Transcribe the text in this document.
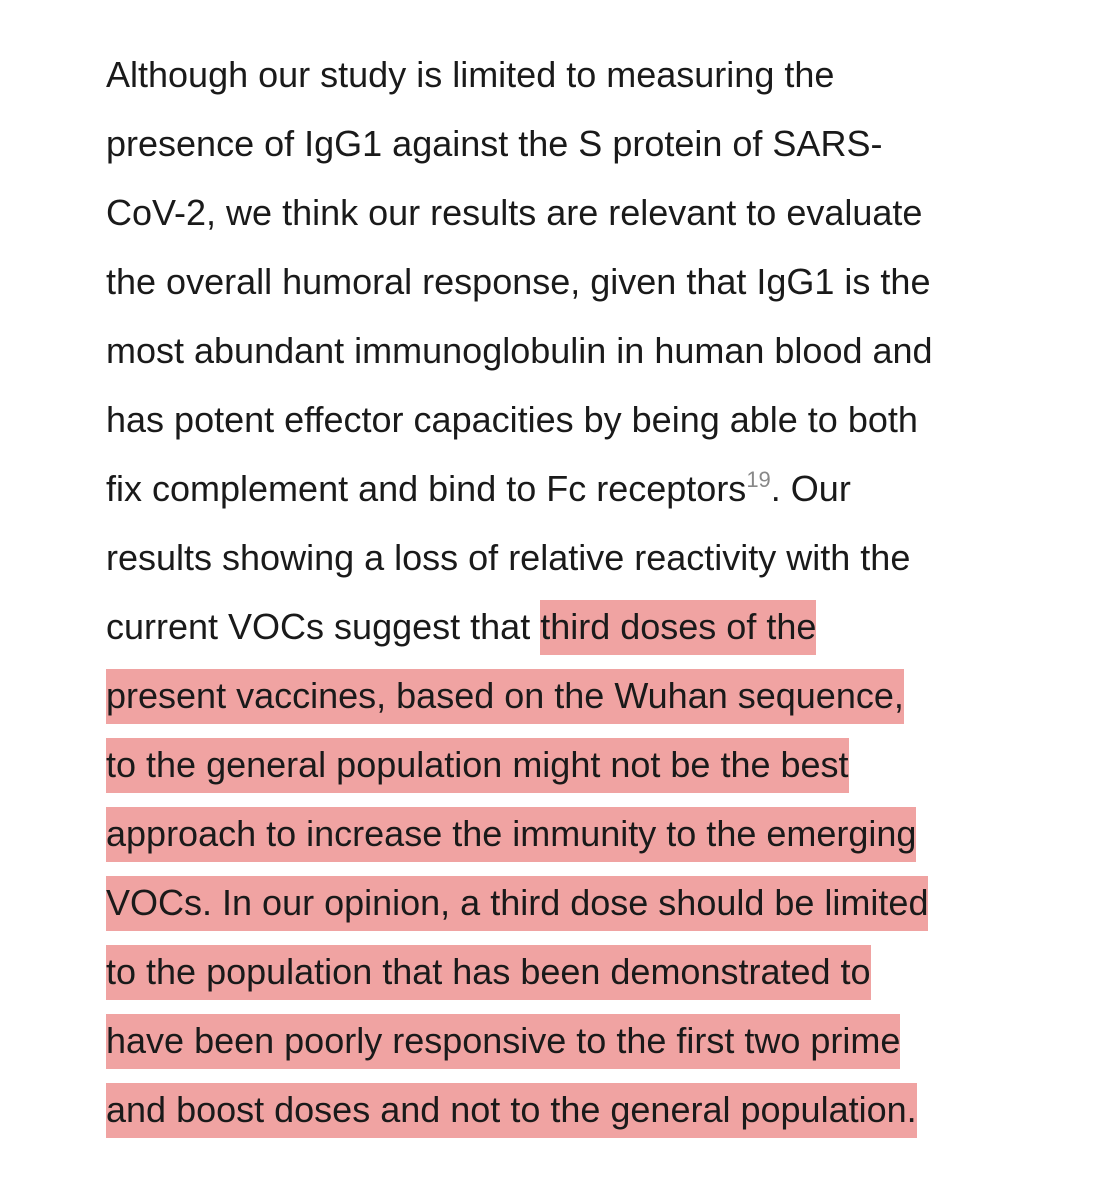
Although our study is limited to measuring the
presence of IgG1 against the S protein of SARS-
CoV-2, we think our results are relevant to evaluate
the overall humoral response, given that IgG1 is the
most abundant immunoglobulin in human blood and
has potent effector capacities by being able to both
fix complement and bind to Fc receptors$^{19}$. Our
results showing a loss of relative reactivity with the
current VOCs suggest that third doses of the
present vaccines, based on the Wuhan sequence,
to the general population might not be the best
approach to increase the immunity to the emerging
VOCs. In our opinion, a third dose should be limited
to the population that has been demonstrated to
have been poorly responsive to the first two prime
and boost doses and not to the general population.
